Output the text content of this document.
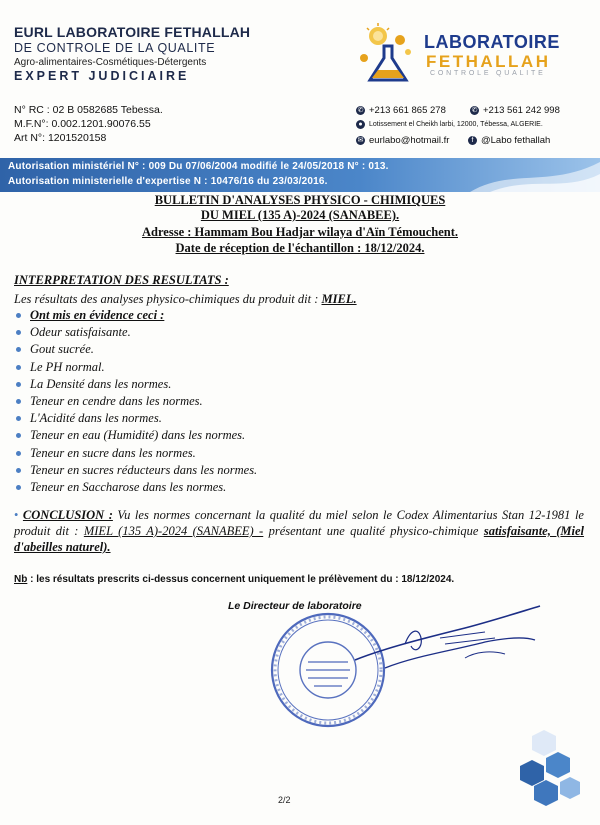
EURL LABORATOIRE FETHALLAH
DE CONTROLE DE LA QUALITE
Agro-alimentaires-Cosmétiques-Détergents
EXPERT JUDICIAIRE
N° RC : 02 B 0582685 Tebessa.
M.F.N°: 0.002.1201.90076.55
Art N°: 1201520158
LABORATOIRE
FETHALLAH
CONTROLE QUALITE
✆ +213 661 865 278	✆ +213 561 242 998
● Lotissement el Cheikh larbi, 12000, Tébessa, ALGERIE.
✉ eurlabo@hotmail.fr	f @Labo fethallah
Autorisation ministériel N° : 009 Du 07/06/2004 modifié le 24/05/2018 N° : 013.
Autorisation ministerielle d'expertise N : 10476/16 du 23/03/2016.
BULLETIN D'ANALYSES PHYSICO - CHIMIQUES
DU MIEL (135 A)-2024 (SANABEE).
Adresse : Hammam Bou Hadjar wilaya d'Aïn Témouchent.
Date de réception de l'échantillon : 18/12/2024.
INTERPRETATION DES RESULTATS :
Les résultats des analyses physico-chimiques du produit dit : MIEL.
Ont mis en évidence ceci :
Odeur satisfaisante.
Gout sucrée.
Le PH normal.
La Densité dans les normes.
Teneur en cendre dans les normes.
L'Acidité dans les normes.
Teneur en eau (Humidité) dans les normes.
Teneur en sucre dans les normes.
Teneur en sucres réducteurs dans les normes.
Teneur en Saccharose dans les normes.
• CONCLUSION : Vu les normes concernant la qualité du miel selon le Codex Alimentarius Stan 12-1981 le produit dit : MIEL (135 A)-2024 (SANABEE) - présentant une qualité physico-chimique satisfaisante, (Miel d'abeilles naturel).
Nb : les résultats prescrits ci-dessus concernent uniquement le prélèvement du : 18/12/2024.
Le Directeur de laboratoire
2/2
